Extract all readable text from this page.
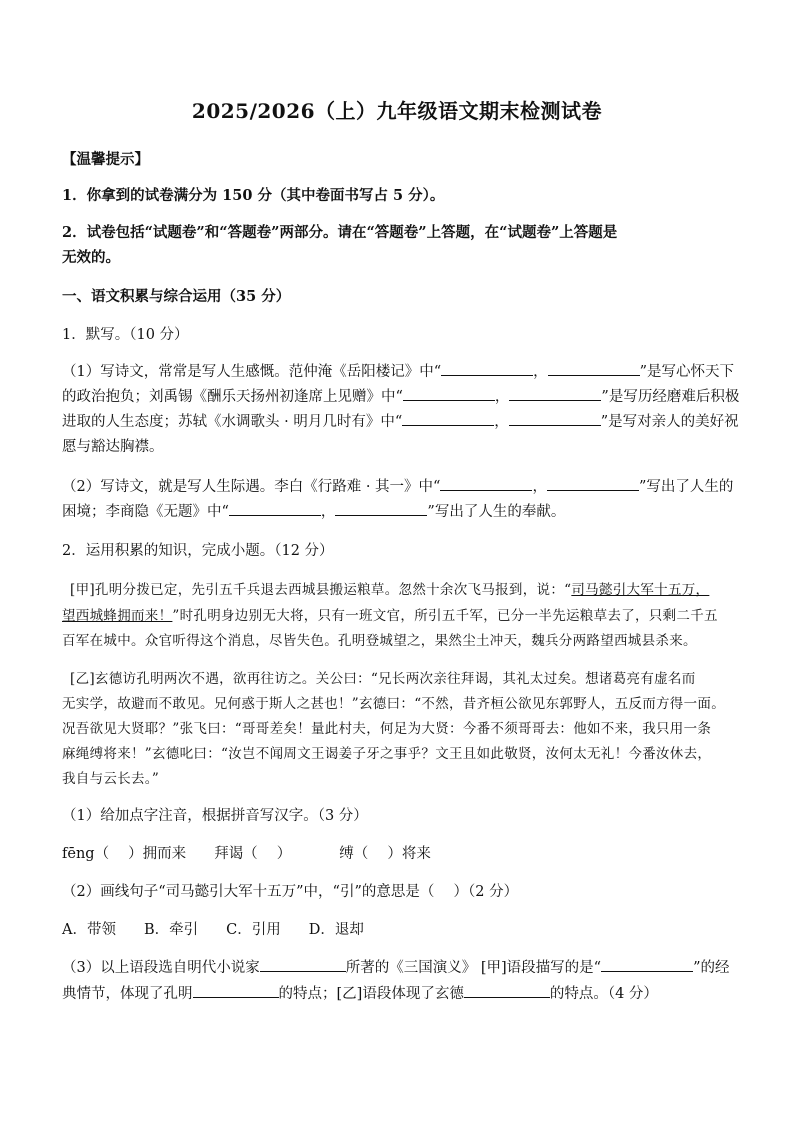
2025/2026（上）九年级语文期末检测试卷
【温馨提示】
1．你拿到的试卷满分为 150 分（其中卷面书写占 5 分）。
2．试卷包括“试题卷”和“答题卷”两部分。请在“答题卷”上答题，在“试题卷”上答题是
无效的。
一、语文积累与综合运用（35 分）
1．默写。（10 分）
（1）写诗文，常常是写人生感慨。范仲淹《岳阳楼记》中“	，	”是写心怀天下
的政治抱负；刘禹锡《酬乐天扬州初逢席上见赠》中“	，	”是写历经磨难后积极
进取的人生态度；苏轼《水调歌头 · 明月几时有》中“	，	”是写对亲人的美好祝
愿与豁达胸襟。
（2）写诗文，就是写人生际遇。李白《行路难 · 其一》中“	，	”写出了人生的
困境；李商隐《无题》中“	，	”写出了人生的奉献。
2．运用积累的知识，完成小题。（12 分）
[甲]孔明分拨已定，先引五千兵退去西城县搬运粮草。忽然十余次飞马报到，说：“司马懿引大军十五万，
望西城蜂拥而来！”时孔明身边别无大将，只有一班文官，所引五千军，已分一半先运粮草去了，只剩二千五
百军在城中。众官听得这个消息，尽皆失色。孔明登城望之，果然尘土冲天，魏兵分两路望西城县杀来。
[乙]玄德访孔明两次不遇，欲再往访之。关公曰：“兄长两次亲往拜谒，其礼太过矣。想诸葛亮有虚名而
无实学，故避而不敢见。兄何惑于斯人之甚也！”玄德曰：“不然，昔齐桓公欲见东郭野人，五反而方得一面。
况吾欲见大贤耶？”张飞曰：“哥哥差矣！量此村夫，何足为大贤：今番不须哥哥去：他如不来，我只用一条
麻绳缚将来！”玄德叱曰：“汝岂不闻周文王谒姜子牙之事乎？文王且如此敬贤，汝何太无礼！今番汝休去，
我自与云长去。”
（1）给加点字注音，根据拼音写汉字。（3 分）
fēng（　 ）拥而来 拜谒（　 ）	缚（　 ）将来
（2）画线句子“司马懿引大军十五万”中，“引”的意思是（　 ）（2 分）
A．带领 B．牵引 C．引用 D．退却
（3）以上语段选自明代小说家	所著的《三国演义》 [甲]语段描写的是“	”的经
典情节，体现了孔明	的特点；[乙]语段体现了玄德	的特点。（4 分）
